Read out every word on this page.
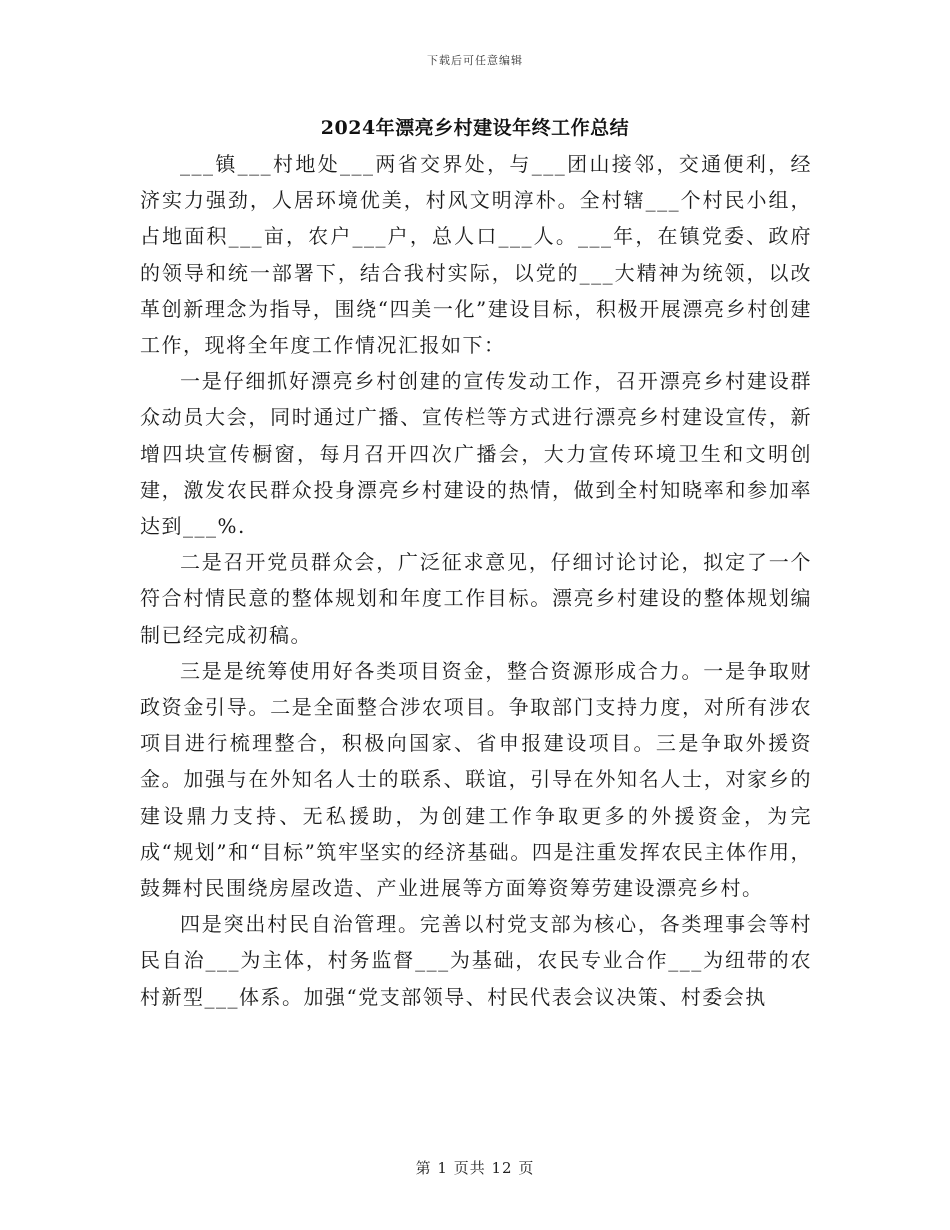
下载后可任意编辑
2024年漂亮乡村建设年终工作总结

___镇___村地处___两省交界处，与___团山接邻，交通便利，经济实力强劲，人居环境优美，村风文明淳朴。全村辖___个村民小组，占地面积___亩，农户___户，总人口___人。___年，在镇党委、政府的领导和统一部署下，结合我村实际，以党的___大精神为统领，以改革创新理念为指导，围绕“四美一化”建设目标，积极开展漂亮乡村创建工作，现将全年度工作情况汇报如下：

一是仔细抓好漂亮乡村创建的宣传发动工作，召开漂亮乡村建设群众动员大会，同时通过广播、宣传栏等方式进行漂亮乡村建设宣传，新增四块宣传橱窗，每月召开四次广播会，大力宣传环境卫生和文明创建，激发农民群众投身漂亮乡村建设的热情，做到全村知晓率和参加率达到___%.

二是召开党员群众会，广泛征求意见，仔细讨论讨论，拟定了一个符合村情民意的整体规划和年度工作目标。漂亮乡村建设的整体规划编制已经完成初稿。

三是是统筹使用好各类项目资金，整合资源形成合力。一是争取财政资金引导。二是全面整合涉农项目。争取部门支持力度，对所有涉农项目进行梳理整合，积极向国家、省申报建设项目。三是争取外援资金。加强与在外知名人士的联系、联谊，引导在外知名人士，对家乡的建设鼎力支持、无私援助，为创建工作争取更多的外援资金，为完成“规划”和“目标”筑牢坚实的经济基础。四是注重发挥农民主体作用，鼓舞村民围绕房屋改造、产业进展等方面筹资筹劳建设漂亮乡村。

四是突出村民自治管理。完善以村党支部为核心，各类理事会等村民自治___为主体，村务监督___为基础，农民专业合作___为纽带的农村新型___体系。加强“党支部领导、村民代表会议决策、村委会执

第 1 页共 12 页
